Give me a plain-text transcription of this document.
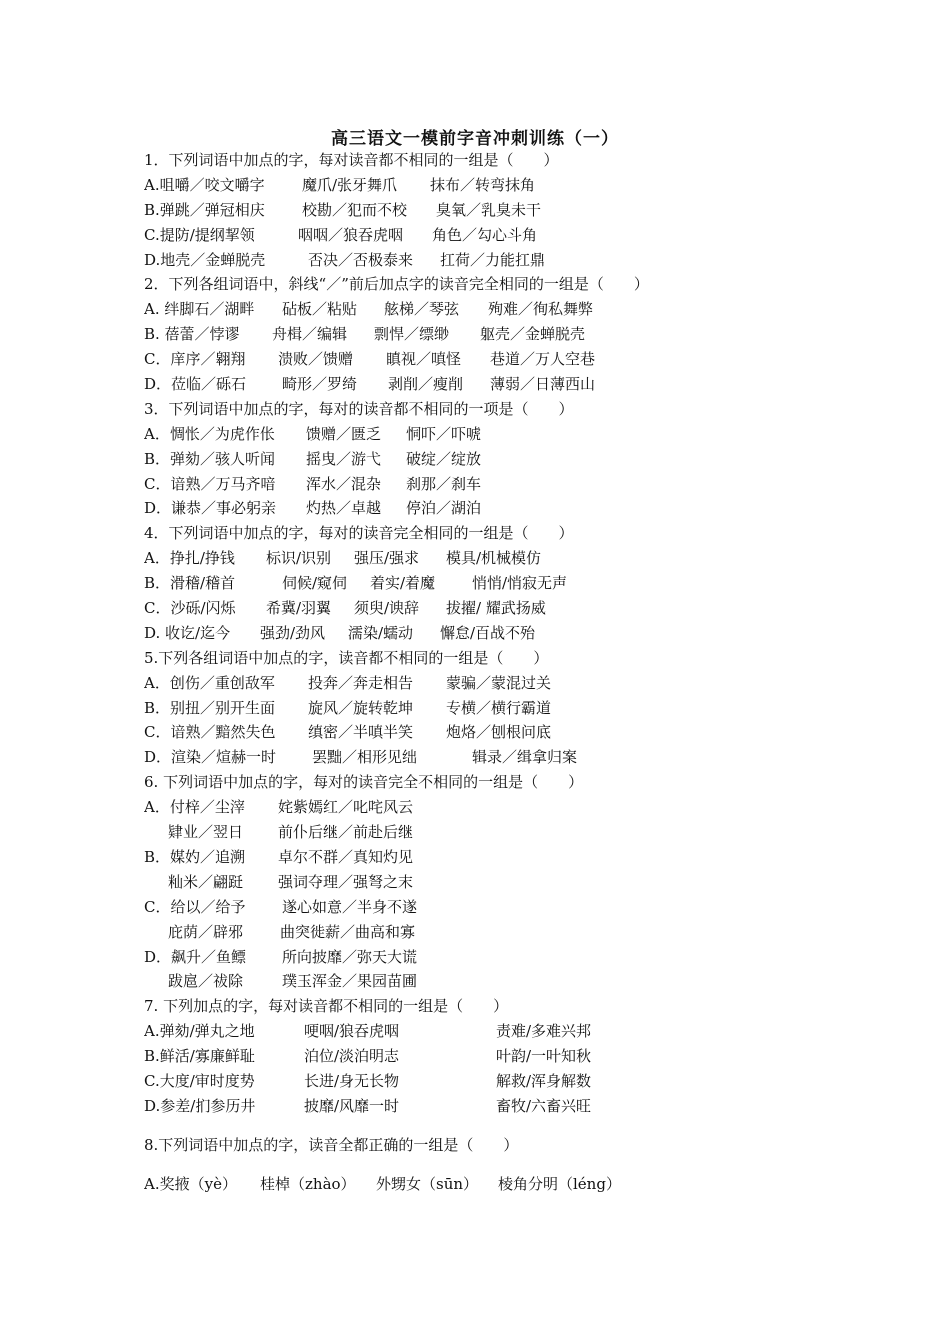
高三语文一模前字音冲刺训练（一）
1．下列词语中加点的字，每对读音都不相同的一组是（　　）
A.咀嚼／咬文嚼字 魔爪/张牙舞爪 抹布／转弯抹角
B.弹跳／弹冠相庆 校勘／犯而不校 臭氧／乳臭未干
C.提防/提纲挈领	咽咽／狼吞虎咽 角色／勾心斗角
D.地壳／金蝉脱壳	否决／否极泰来 扛荷／力能扛鼎
2．下列各组词语中，斜线“／”前后加点字的读音完全相同的一组是（　　）
A. 绊脚石／湖畔 砧板／粘贴 舷梯／琴弦 殉难／徇私舞弊
B. 蓓蕾／悖谬 舟楫／编辑 剽悍／缥缈 躯壳／金蝉脱壳
C．庠序／翱翔 溃败／馈赠 瞋视／嗔怪 巷道／万人空巷
D．莅临／砾石 畸形／罗绮 剥削／瘦削 薄弱／日薄西山
3．下列词语中加点的字，每对的读音都不相同的一项是（　　）
A．惆怅／为虎作伥 馈赠／匮乏 恫吓／吓唬
B．弹劾／骇人听闻 摇曳／游弋 破绽／绽放
C．谙熟／万马齐喑 浑水／混杂 刹那／刹车
D．谦恭／事必躬亲 灼热／卓越 停泊／湖泊
4．下列词语中加点的字，每对的读音完全相同的一组是（　　）
A．挣扎/挣钱 标识/识别 强压/强求 模具/机械模仿
B．滑稽/稽首	伺候/窥伺 着实/着魔 悄悄/悄寂无声
C．沙砾/闪烁 希冀/羽翼 须臾/谀辞 拔擢/ 耀武扬威
D. 收讫/迄今 强劲/劲风 濡染/蠕动 懈怠/百战不殆
5.下列各组词语中加点的字，读音都不相同的一组是（　　）
A．创伤／重创敌军 投奔／奔走相告 蒙骗／蒙混过关
B．别扭／别开生面 旋风／旋转乾坤 专横／横行霸道
C．谙熟／黯然失色 缜密／半嗔半笑 炮烙／刨根问底
D．渲染／煊赫一时 罢黜／相形见绌	辑录／缉拿归案
6. 下列词语中加点的字，每对的读音完全不相同的一组是（　　）
A．付梓／尘滓 姹紫嫣红／叱咤风云
肄业／翌日 前仆后继／前赴后继
B．媒妁／追溯 卓尔不群／真知灼见
籼米／翩跹 强词夺理／强弩之末
C．给以／给予 遂心如意／半身不遂
庇荫／辟邪 曲突徙薪／曲高和寡
D．飙升／鱼鳔 所向披靡／弥天大谎
跋扈／祓除	璞玉浑金／果园苗圃
7. 下列加点的字，每对读音都不相同的一组是（　　）
A.弹劾/弹丸之地	哽咽/狼吞虎咽	责难/多难兴邦
B.鲜活/寡廉鲜耻	泊位/淡泊明志	叶韵/一叶知秋
C.大度/审时度势	长进/身无长物	解救/浑身解数
D.参差/扪参历井	披靡/风靡一时	畜牧/六畜兴旺
8.下列词语中加点的字，读音全都正确的一组是（　　）
A.奖掖（yè） 桂棹（zhào） 外甥女（sūn） 棱角分明（léng）
